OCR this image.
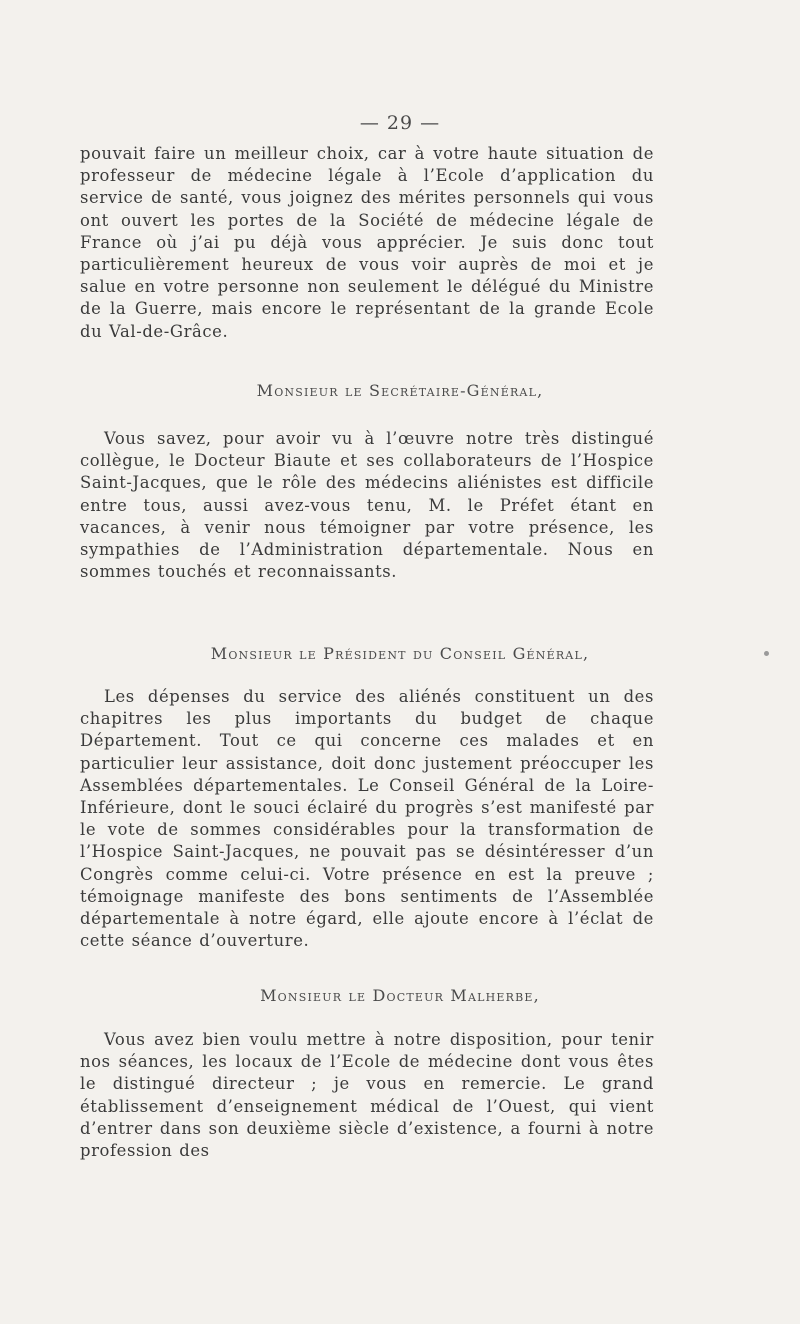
— 29 —

pouvait faire un meilleur choix, car à votre haute situation de professeur de médecine légale à l’Ecole d’application du service de santé, vous joignez des mérites personnels qui vous ont ouvert les portes de la Société de médecine légale de France où j’ai pu déjà vous apprécier. Je suis donc tout particulièrement heureux de vous voir auprès de moi et je salue en votre personne non seulement le délégué du Ministre de la Guerre, mais encore le représentant de la grande Ecole du Val-de-Grâce.

Monsieur le Secrétaire-Général,

Vous savez, pour avoir vu à l’œuvre notre très distingué collègue, le Docteur Biaute et ses collaborateurs de l’Hospice Saint-Jacques, que le rôle des médecins aliénistes est difficile entre tous, aussi avez-vous tenu, M. le Préfet étant en vacances, à venir nous témoigner par votre présence, les sympathies de l’Administration départementale. Nous en sommes touchés et reconnaissants.

Monsieur le Président du Conseil Général,

Les dépenses du service des aliénés constituent un des chapitres les plus importants du budget de chaque Département. Tout ce qui concerne ces malades et en particulier leur assistance, doit donc justement préoccuper les Assemblées départementales. Le Conseil Général de la Loire-Inférieure, dont le souci éclairé du progrès s’est manifesté par le vote de sommes considérables pour la transformation de l’Hospice Saint-Jacques, ne pouvait pas se désintéresser d’un Congrès comme celui-ci. Votre présence en est la preuve ; témoignage manifeste des bons sentiments de l’Assemblée départementale à notre égard, elle ajoute encore à l’éclat de cette séance d’ouverture.

Monsieur le Docteur Malherbe,

Vous avez bien voulu mettre à notre disposition, pour tenir nos séances, les locaux de l’Ecole de médecine dont vous êtes le distingué directeur ; je vous en remercie. Le grand établissement d’enseignement médical de l’Ouest, qui vient d’entrer dans son deuxième siècle d’existence, a fourni à notre profession des
